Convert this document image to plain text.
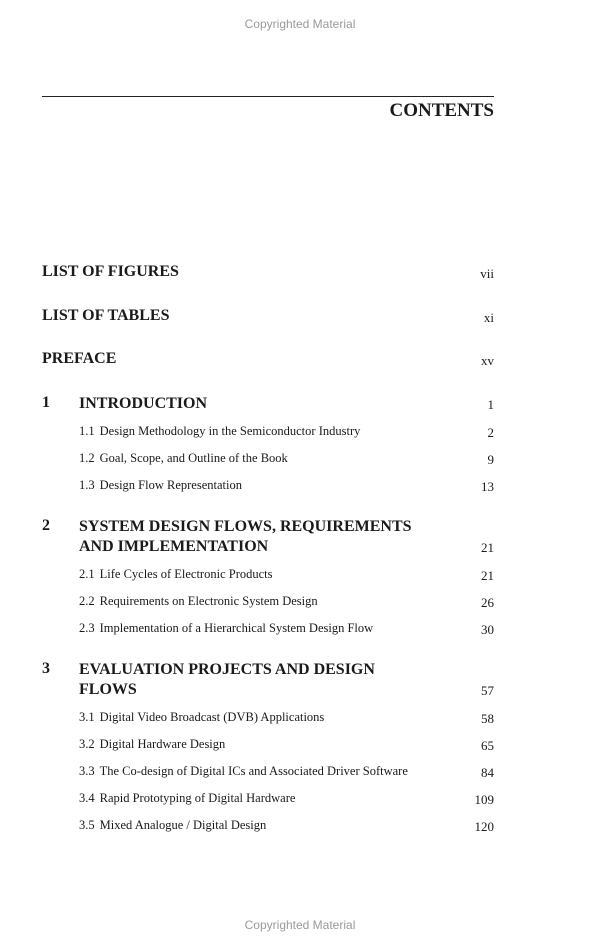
Copyrighted Material
CONTENTS
LIST OF FIGURES	vii
LIST OF TABLES	xi
PREFACE	xv
1 INTRODUCTION	1
1.1 Design Methodology in the Semiconductor Industry	2
1.2 Goal, Scope, and Outline of the Book	9
1.3 Design Flow Representation	13
2 SYSTEM DESIGN FLOWS, REQUIREMENTS
AND IMPLEMENTATION	21
2.1 Life Cycles of Electronic Products	21
2.2 Requirements on Electronic System Design	26
2.3 Implementation of a Hierarchical System Design Flow	30
3 EVALUATION PROJECTS AND DESIGN
FLOWS	57
3.1 Digital Video Broadcast (DVB) Applications	58
3.2 Digital Hardware Design	65
3.3 The Co-design of Digital ICs and Associated Driver Software	84
3.4 Rapid Prototyping of Digital Hardware	109
3.5 Mixed Analogue / Digital Design	120
Copyrighted Material
